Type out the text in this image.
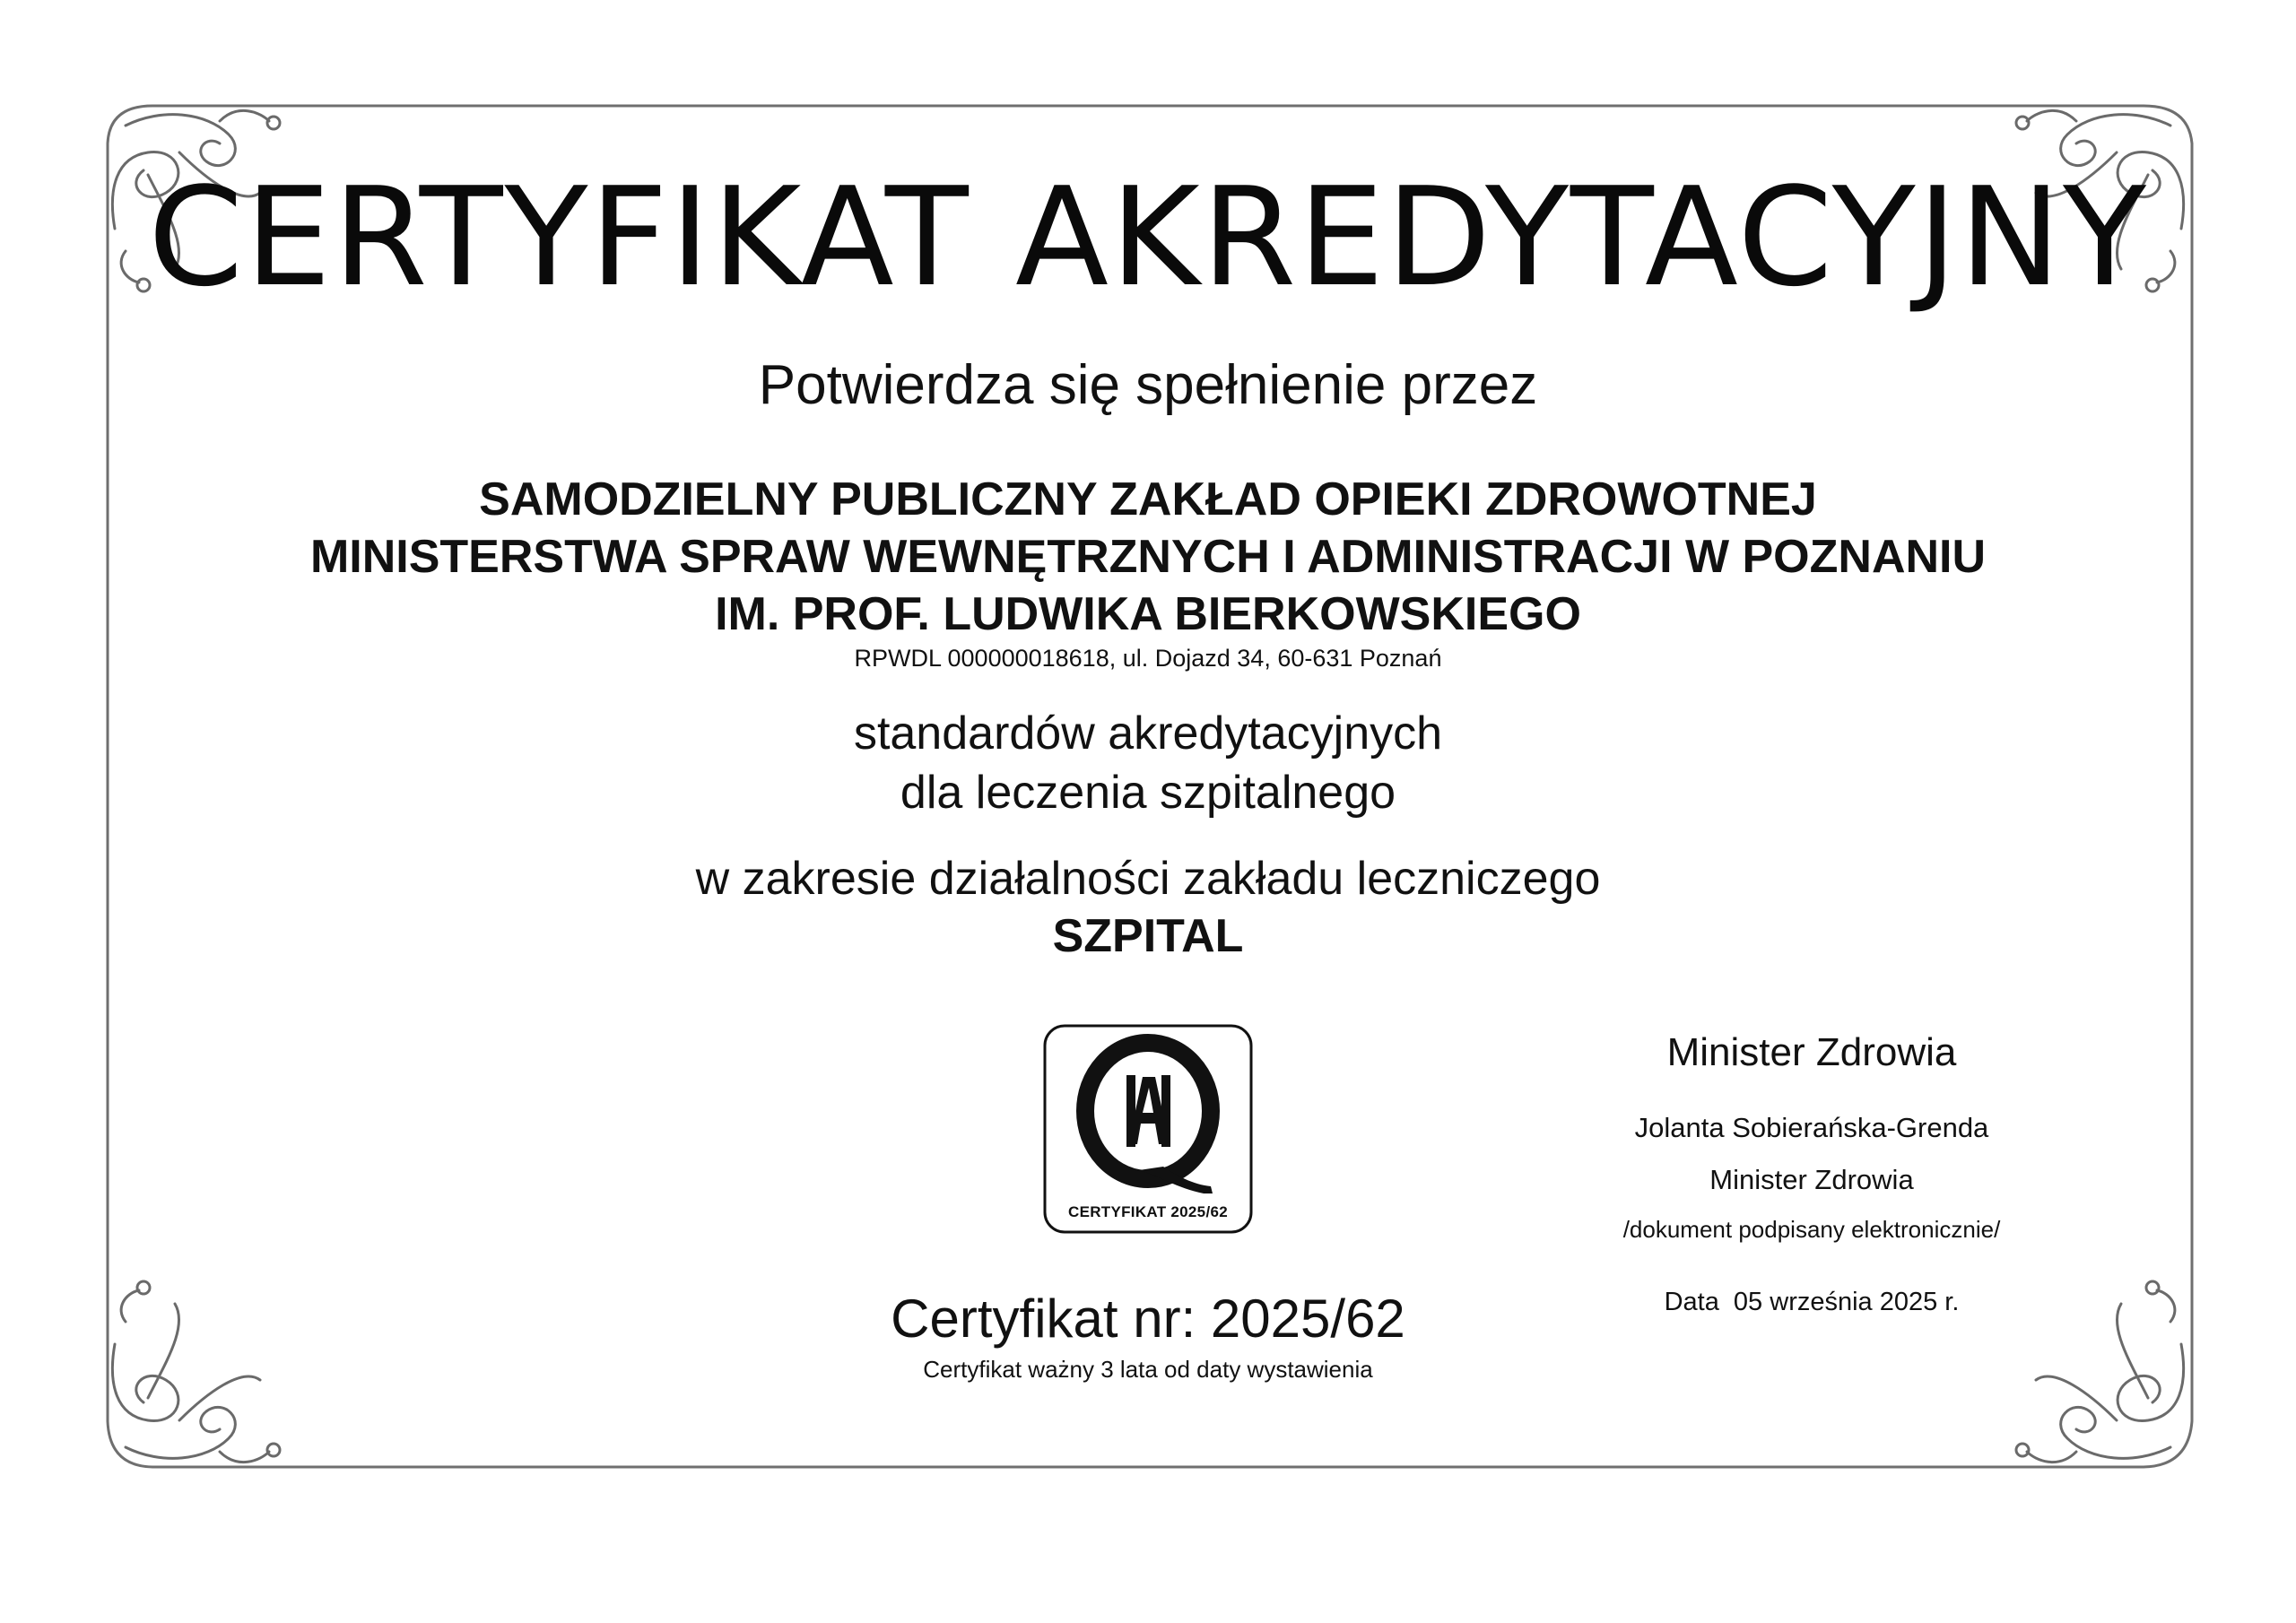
CERTYFIKAT AKREDYTACYJNY
Potwierdza się spełnienie przez
SAMODZIELNY PUBLICZNY ZAKŁAD OPIEKI ZDROWOTNEJ
MINISTERSTWA SPRAW WEWNĘTRZNYCH I ADMINISTRACJI W POZNANIU
IM. PROF. LUDWIKA BIERKOWSKIEGO
RPWDL 000000018618, ul. Dojazd 34, 60-631 Poznań
standardów akredytacyjnych
dla leczenia szpitalnego
w zakresie działalności zakładu leczniczego
SZPITAL
CERTYFIKAT 2025/62
Certyfikat nr: 2025/62
Certyfikat ważny 3 lata od daty wystawienia
Minister Zdrowia
Jolanta Sobierańska-Grenda
Minister Zdrowia
/dokument podpisany elektronicznie/
Data  05 września 2025 r.
